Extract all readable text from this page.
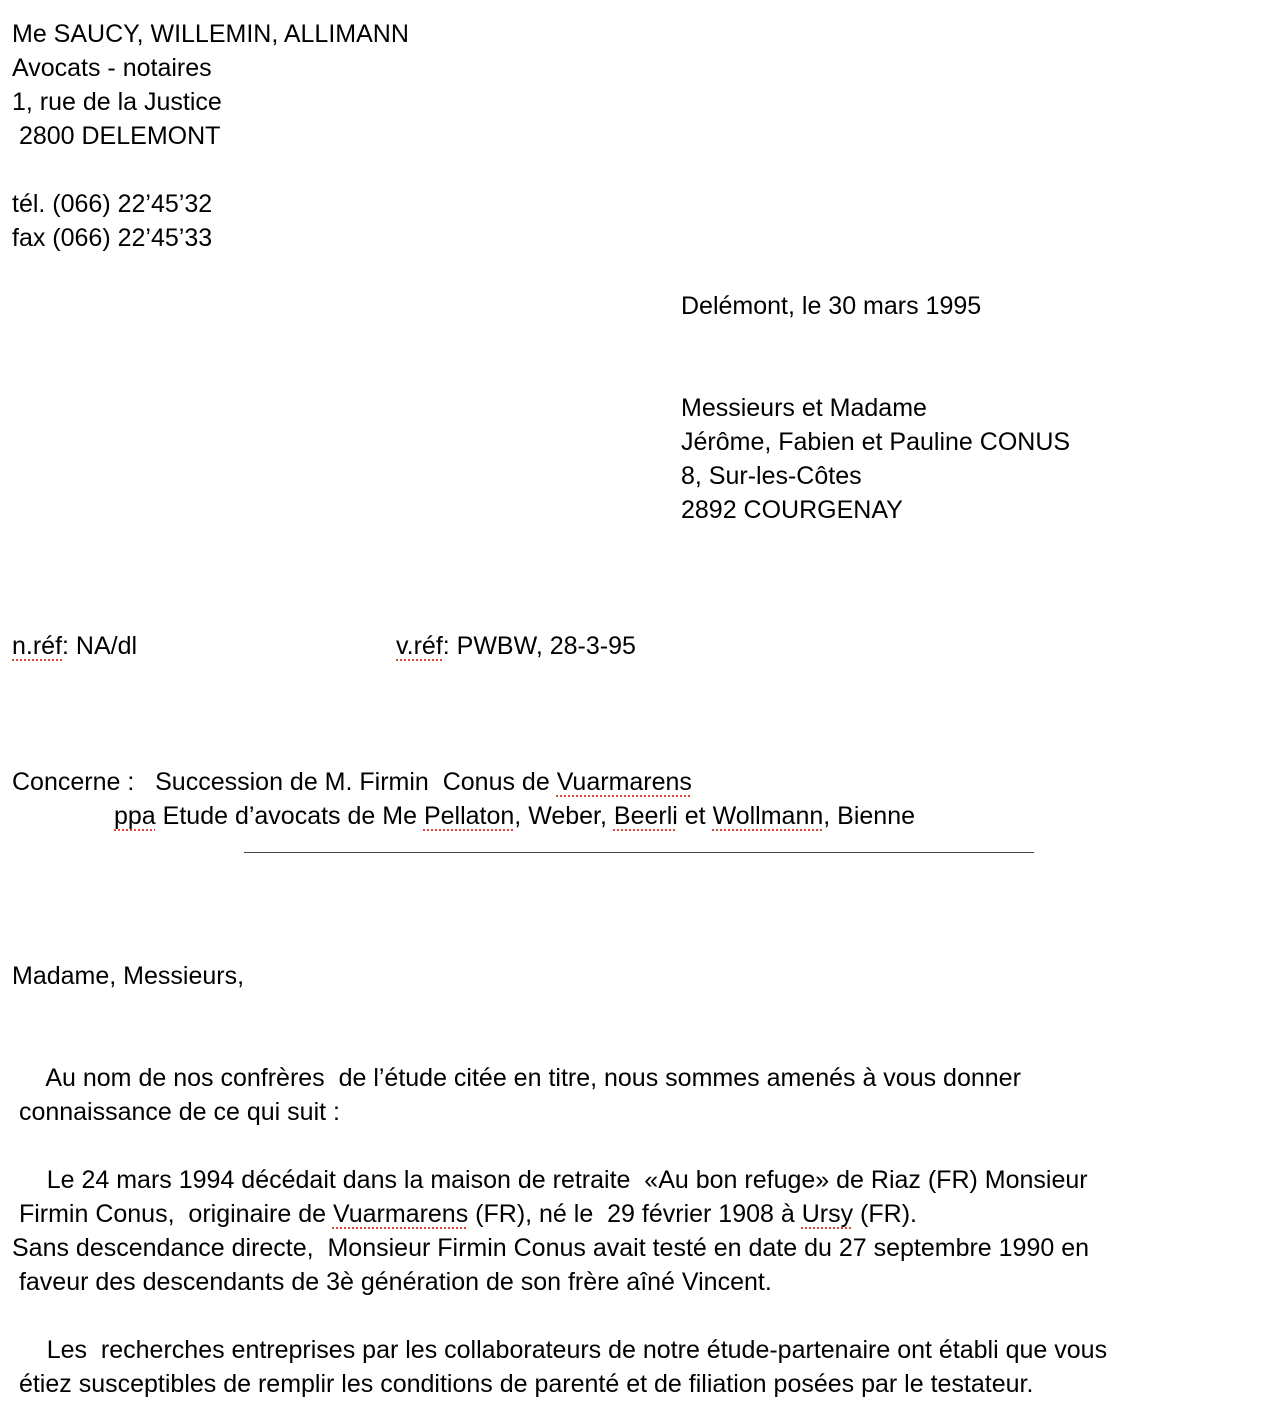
Me SAUCY, WILLEMIN, ALLIMANN
Avocats - notaires
1, rue de la Justice
2800 DELEMONT
tél. (066) 22’45’32
fax (066) 22’45’33
Delémont, le 30 mars 1995
Messieurs et Madame
Jérôme, Fabien et Pauline CONUS
8, Sur-les-Côtes
2892 COURGENAY
n.réf: NA/dl	v.réf: PWBW, 28-3-95
Concerne :   Succession de M. Firmin  Conus de Vuarmarens
ppa Etude d’avocats de Me Pellaton, Weber, Beerli et Wollmann, Bienne
Madame, Messieurs,
Au nom de nos confrères  de l’étude citée en titre, nous sommes amenés à vous donner
connaissance de ce qui suit :
Le 24 mars 1994 décédait dans la maison de retraite  «Au bon refuge» de Riaz (FR) Monsieur
Firmin Conus,  originaire de Vuarmarens (FR), né le  29 février 1908 à Ursy (FR).
Sans descendance directe,  Monsieur Firmin Conus avait testé en date du 27 septembre 1990 en
faveur des descendants de 3è génération de son frère aîné Vincent.
Les  recherches entreprises par les collaborateurs de notre étude-partenaire ont établi que vous
étiez susceptibles de remplir les conditions de parenté et de filiation posées par le testateur.
